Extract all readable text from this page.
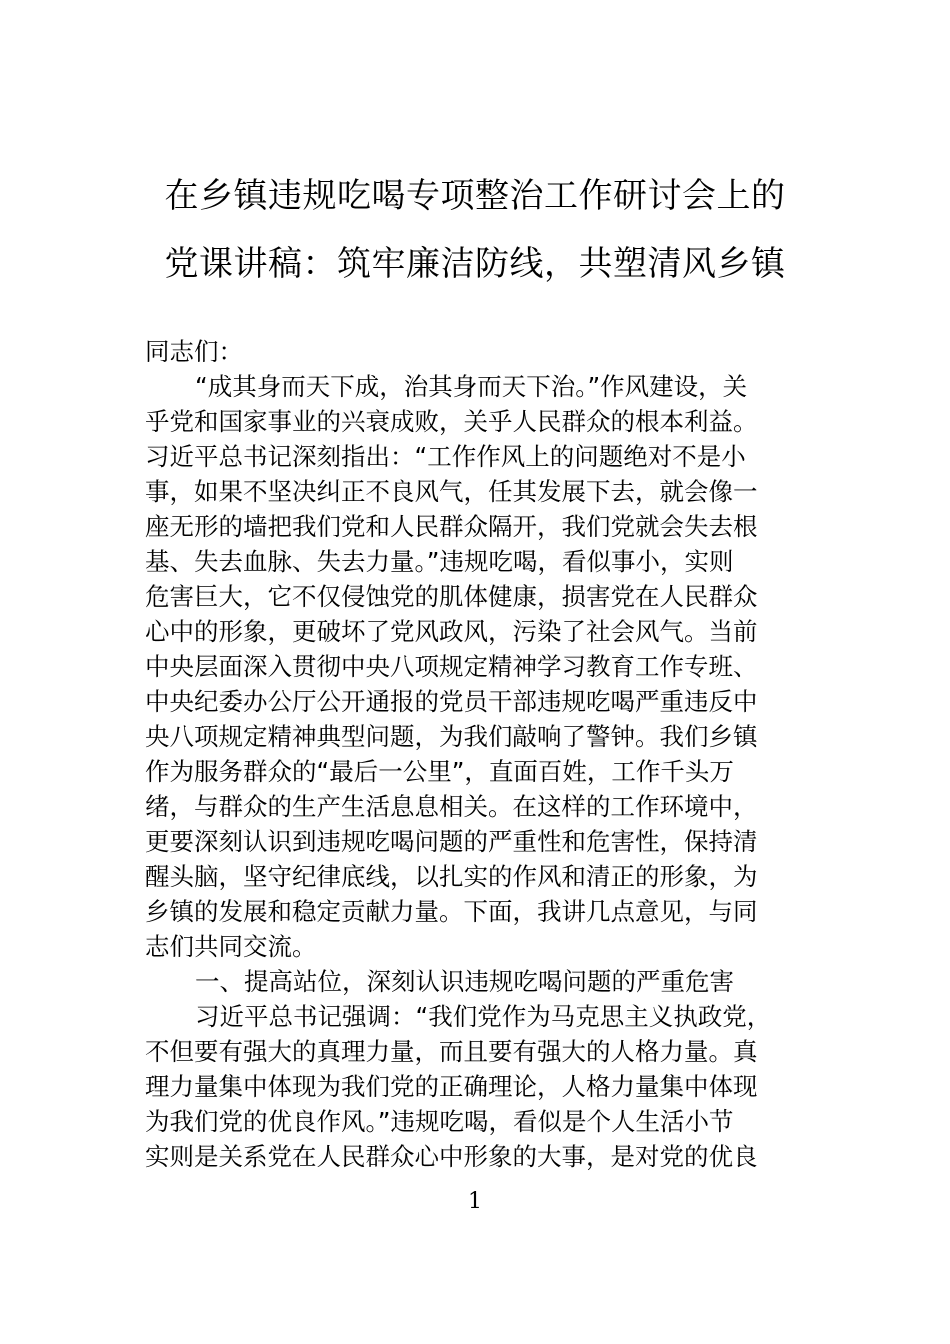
在乡镇违规吃喝专项整治工作研讨会上的
党课讲稿：筑牢廉洁防线，共塑清风乡镇
同志们：
“成其身而天下成，治其身而天下治。”作风建设，关
乎党和国家事业的兴衰成败，关乎人民群众的根本利益。
习近平总书记深刻指出：“工作作风上的问题绝对不是小
事，如果不坚决纠正不良风气，任其发展下去，就会像一
座无形的墙把我们党和人民群众隔开，我们党就会失去根
基、失去血脉、失去力量。”违规吃喝，看似事小，实则
危害巨大，它不仅侵蚀党的肌体健康，损害党在人民群众
心中的形象，更破坏了党风政风，污染了社会风气。当前
中央层面深入贯彻中央八项规定精神学习教育工作专班、
中央纪委办公厅公开通报的党员干部违规吃喝严重违反中
央八项规定精神典型问题，为我们敲响了警钟。我们乡镇
作为服务群众的“最后一公里”，直面百姓，工作千头万
绪，与群众的生产生活息息相关。在这样的工作环境中，
更要深刻认识到违规吃喝问题的严重性和危害性，保持清
醒头脑，坚守纪律底线，以扎实的作风和清正的形象，为
乡镇的发展和稳定贡献力量。下面，我讲几点意见，与同
志们共同交流。
一、提高站位，深刻认识违规吃喝问题的严重危害
习近平总书记强调：“我们党作为马克思主义执政党，
不但要有强大的真理力量，而且要有强大的人格力量。真
理力量集中体现为我们党的正确理论，人格力量集中体现
为我们党的优良作风。”违规吃喝，看似是个人生活小节
实则是关系党在人民群众心中形象的大事，是对党的优良
1
